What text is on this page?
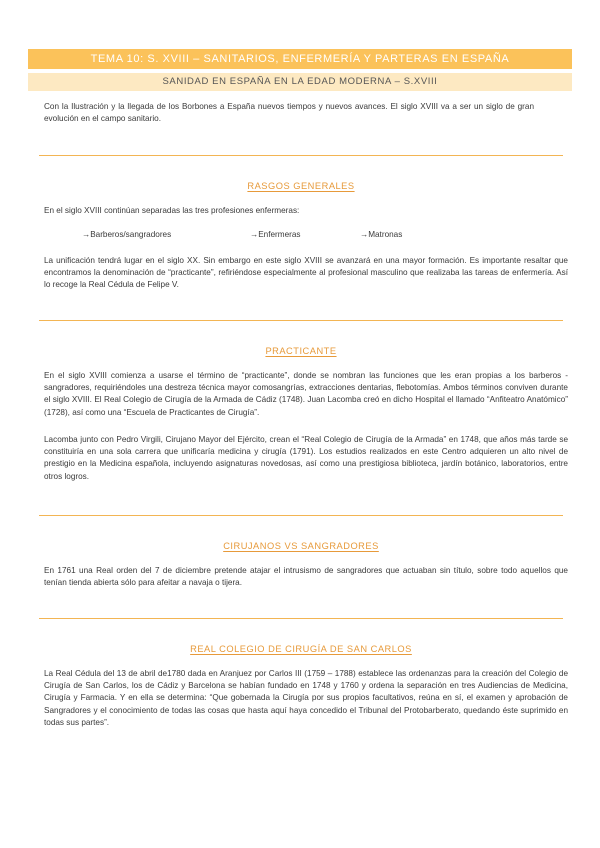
TEMA 10: S. XVIII – SANITARIOS, ENFERMERÍA Y PARTERAS EN ESPAÑA
SANIDAD EN ESPAÑA EN LA EDAD MODERNA – S.XVIII

Con la Ilustración y la llegada de los Borbones a España nuevos tiempos y nuevos avances. El siglo XVIII va a ser un siglo de gran evolución en el campo sanitario.

RASGOS GENERALES

En el siglo XVIII continúan separadas las tres profesiones enfermeras:

→Barberos/sangradores	→Enfermeras	→Matronas

La unificación tendrá lugar en el siglo XX. Sin embargo en este siglo XVIII se avanzará en una mayor formación. Es importante resaltar que encontramos la denominación de “practicante”, refiriéndose especialmente al profesional masculino que realizaba las tareas de enfermería. Así lo recoge la Real Cédula de Felipe V.

PRACTICANTE

En el siglo XVIII comienza a usarse el término de “practicante”, donde se nombran las funciones que les eran propias a los barberos - sangradores, requiriéndoles una destreza técnica mayor comosangrías, extracciones dentarias, flebotomías. Ambos términos conviven durante el siglo XVIII. El Real Colegio de Cirugía de la Armada de Cádiz (1748). Juan Lacomba creó en dicho Hospital el llamado “Anfiteatro Anatómico” (1728), así como una “Escuela de Practicantes de Cirugía”.

Lacomba junto con Pedro Virgili, Cirujano Mayor del Ejército, crean el “Real Colegio de Cirugía de la Armada” en 1748, que años más tarde se constituiría en una sola carrera que unificaría medicina y cirugía (1791). Los estudios realizados en este Centro adquieren un alto nivel de prestigio en la Medicina española, incluyendo asignaturas novedosas, así como una prestigiosa biblioteca, jardín botánico, laboratorios, entre otros logros.

CIRUJANOS VS SANGRADORES

En 1761 una Real orden del 7 de diciembre pretende atajar el intrusismo de sangradores que actuaban sin título, sobre todo aquellos que tenían tienda abierta sólo para afeitar a navaja o tijera.

REAL COLEGIO DE CIRUGÍA DE SAN CARLOS

La Real Cédula del 13 de abril de1780 dada en Aranjuez por Carlos III (1759 – 1788) establece las ordenanzas para la creación del Colegio de Cirugía de San Carlos, los de Cádiz y Barcelona se habían fundado en 1748 y 1760 y ordena la separación en tres Audiencias de Medicina, Cirugía y Farmacia. Y en ella se determina: “Que gobernada la Cirugía por sus propios facultativos, reúna en sí, el examen y aprobación de Sangradores y el conocimiento de todas las cosas que hasta aquí haya concedido el Tribunal del Protobarberato, quedando éste suprimido en todas sus partes”.
